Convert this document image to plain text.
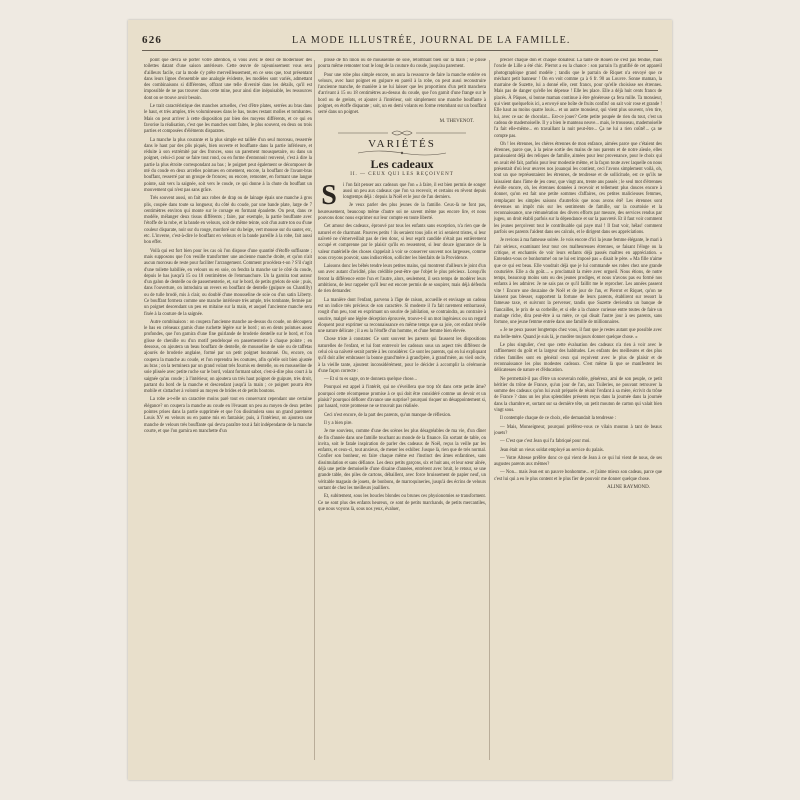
626	LA MODE ILLUSTRÉE, JOURNAL DE LA FAMILLE.

point que devra se porter votre attention, si vous avez le désir de moderniser des toilettes datant d'une saison antérieure. Cette œuvre de rajeunissement vous sera d'ailleurs facile, car la mode s'y prête merveilleusement, en ce sens que, tout présentant dans leurs lignes d'ensemble une analogie évidente, les modèles sont variés, admettant des combinaisons si différentes, offrant une telle diversité dans les détails, qu'il est impossible de ne pas trouver dans cette mine, pour ainsi dire inépuisable, les ressources dont on se trouve avoir besoin.

Le trait caractéristique des manches actuelles, c'est d'être plates, serrées au bras dans le haut, et très amples, très volumineuses dans le bas, toutes restant molles et tombantes. Mais on peut arriver à cette disposition par bien des moyens différents, et ce qui en favorise la réalisation, c'est que les manches sont faites, le plus souvent, en deux ou trois parties et composées d'éléments disparates.

La manche la plus courante et la plus simple est taillée d'un seul morceau, resserrée dans le haut par des plis piqués, bien ouverte et bouffante dans la partie inférieure, et réduite à son extrémité par des fronces, sous un parement mousquetaire, ou dans un poignet, celui-ci pour se faire tout rond, ou en forme d'entonnoir renversé, c'est à dire la partie la plus étroite correspondant au bas ; le poignet peut également se décomposer de nté du coude en deux arcelles pointues en ornement, encore, la bouffant de l'avant-bras bouffant, resserré par un groupe de fronces; ou encore, remonter, en formant une langue pointe, sait vers la saignée, soit vers le coude, ce qui donne à la chute du bouffant un mouvement qui n'est pas sans grâce.

Très souvent aussi, on fait aux robes de drap ou de lainage épais une manche à gros plis, coupée dans toute sa longueur, du côté du coude, par une bande plate, large de 7 centimètres environ qui monte sur le corsage en formant épaulette. On peut, dans ce modèle, mélanger deux tissus différents ; faire, par exemple, la partie bouffante avec l'étoffe de la robe, et la bande en velours, soit de même teinte, soit d'un autre ton ou d'une couleur disparate, noir sur du rouge, mordoré sur du beige, vert mousse sur du sauter, etc, etc. L'inverse, c'est-à-dire le bouffant en velours et la bande pareille à la robe, fait aussi bon effet.

Voilà qui est fort bien pour les cas où l'on dispose d'une quantité d'étoffe suffisante ; mais supposons que l'on veuille transformer une ancienne manche droite, et qu'on n'ait aucun morceau de reste pour faciliter l'arrangement. Comment procédera-t-on ? S'il s'agit d'une toilette habillée, en velours ou en soie, on fendra la manche sur le côté du coude, depuis le bas jusqu'à 15 ou 18 centimètres de l'emmanchure. Un la garnira tout autour d'un galon de dentelle ou de passementerie, et, sur le bord, de petits grelots de soie ; puis, dans l'ouverture, on introduira un revers en bouffant de dentelle (guipure ou Chantilly) ou de tulle brodé, mis à clair, ou doublé d'une mousseline de soie ou d'un satin Liberty. Ce bouffant formera comme une manche intérieure très ample, très tombante, fermée par un poignet descendant un peu en mitaine sur la main, et auquel l'ancienne manche sera fixée à la couture de la saignée.

Autre combinaison : on coupera l'ancienne manche au-dessus du coude, on découpera le bas en créneaux garnis d'une ruchette légère sur le bord ; on en dents pointues assez profondes, que l'on garnira d'une fine guirlande de broderie dentelle sur le bord, et l'on glisse de chenille ou d'un motif pendeloqué en passementerie à chaque pointe ; en dessous, on ajoutera un beau bouffant de dentelle, de mousseline de soie ou de taffetas ajourés de broderie anglaise, formé par un petit poignet boutonné. Ou, encore, on coupera la manche au coude, et l'on reprendra les coutures, afin qu'elle soit bien ajustée au bras ; on la terminera par un grand volant très fournis en dentelle, ou en mousseline de soie plissée avec petite ruche sur le bord, volant formant sabot, c'est-à-dire plus court à la saignée qu'au coude ; à l'intérieur, on ajoutera un très haut poignet de guipure, très droit, partant du bord de la manche et descendant jusqu'à la main ; ce poignet pourra être mobile et s'attacher à volonté au moyen de brides et de petits boutons.

La robe a-t-elle un caractère moins paré tout en conservant cependant une certaine élégance? on coupera la manche au coude en l'évasant un peu au moyen de deux petites pointes prises dans la partie supprimée et que l'on dissimulera sous un grand parement Louis XV en velours ou en panne mis en fantaisie; puis, à l'intérieur, on ajoutera une manche de velours très bouffante qui devra paraître tout à fait indépendante de la manche courte, et que l'on garnira en manchette d'un

plissé de fin linon ou de mousseline de soie, retombant bien sur la main ; se plissé pourra même remonter tout le long de la couture du coude, jusqu'au parement.

Pour une robe plus simple encore, on aura la ressource de faire la manche entière en velours, avec haut poignet en guipure en pareil à la robe, on peut aussi reconstruire l'ancienne manche, de manière à ne lui laisser que les proportions d'un petit manchera d'arrivant à 15 ou 18 centimètres au-dessus du coude, que l'on garnit d'une frange sur le bord ou de grelots, et ajouter à l'intérieur, soit simplement une manche bouffante à poignet, en étoffe disparate ; soit, un en demi volants en forme retombant sur un bouffant serré dans un poignet.

M. THEVENOT.
VARIÉTÉS
Les cadeaux
II. — CEUX QUI LES REÇOIVENT
S	i l'on fait penser aux cadeaux que l'on « à faire, il est bien permis de songer aussi un peu aux cadeaux que l'on va recevoir, et certains en rêvent depuis longtemps déjà : depuis la Noël et le jour de l'an derniers.

Je veux parler des plus jeunes de la famille. Ceux-là ne font pas, heureusement, beaucoup même d'autre soi ne savent même pas encore lire, et nous pouvons donc nous exprimer sur leur compte en toute liberté.

Cet amour des cadeaux, éprouvé par tous les enfants sans exception, n'a rien que de naturel et de charmant. Pauvres petits ! ils seraient tous jolis et ici seraient tristes, si leur naïveté ne s'émerveillait pas de rien donc, si leur esprit candide n'était pas entièrement occupé et comprenne par le plaisir qu'ils en ressentent, si leur douce ignorance de la valeur matérielle des choses s'appelait à voir se conserver souvent nos largesses, comme nous croyons pouvoir, sans indiscrétion, solliciter les bienfaits de la Providence.

Laissons donc les bébés tendre leurs petites mains, qui montrent d'ailleurs le joint d'un son avec autant d'avidité, plus crédible peut-être que l'objet le plus précieux. Lorsqu'ils feront la différence entre l'un et l'autre, alors, seulement, il sera temps de modérer leurs ambitions, de leur rappeler qu'il leur est encore permis de se soupirer, mais déjà défendu de rien demander.

La manière dont l'enfant, parvenu à l'âge de raison, accueille et envisage un cadeau est un indice très précieux de son caractère. Si modeste il l'a fait rarement embarrassé, rougit d'un peu, tout en exprimant un sourire de jubilation, se contraindra, au contraire à sourire, malgré une légère déception éprouvée, trouve-t-il un mot ingénieux ou un regard éloquent pour exprimer sa reconnaissance en même temps que sa joie, cet enfant révèle une nature délicate ; il a eu la l'étoffe d'un homme, et d'une femme bien élevée.

Chose triste à constater. Ce sont souvent les parents qui faussent les dispositions naturelles de l'enfant, et lui font entrevoir les cadeaux sous un aspect très différent de celui où sa naïveté serait portée à les considérer. Ce sont les parents, qui en lui expliquant qu'il doit aller embrasser la bonne grand'mère à grand'père, à grand'mère, au vieil oncle, à la vieille tante, ajoutent inconsidérément, pour le décider à accomplir la cérémonie d'une façon correcte :

— Et si tu es sage, on te donnera quelque chose...

Pourquoi est appel à l'intérêt, qui ne s'éveillera que trop tôt dans cette petite âme? pourquoi cette récompense promise à ce qui doit être considéré comme un devoir et un plaisir? pourquoi déflorer d'avance une surprise? pourquoi risquer un désappointement si, par hasard, votre promesse ne se trouvait pas réalisée.

Ceci n'est encore, de la part des parents, qu'un manque de réflexion.

Il y a bien pire.

Je me souviens, comme d'une des scènes les plus désagréables de ma vie, d'un dîner de fin d'année dans une famille touchant au monde de la finance. En sortant de table, on invita, soit le fatale inspiration de parler des cadeaux de Noël, reçus la veille par les enfants, et ceux-ci, tout anxieux, de mener les exhiber. Jusque là, rien que de très normal. Confier son bonheur, en faire chaque même est l'instinct des âmes enfantines, sans dissimulation et sans défiance. Les deux petits garçons, six et huit ans, et leur sœur aînée, déjà une petite demoiselle d'une dixaine d'années, entrèrent avec bruit, le retour, se une grande table, des piles de cartons, débaillent, avec force bruissement de papier neuf, un véritable magasin de jouets, de bonbons, de marroquineries, jusqu'à des écrins de velours sortant de chez les meilleurs joailliers.

Et, subitement, sous les boucles blondes ou brunes ces physionomies se transforment. Ce ne sont plus des enfants heureux, ce sont de petits marchands, de petits mercantiles, que nous voyons là, sous nos yeux, évaluer,

précier chaque don et chaque donateur. La tante de Rouen ne s'est pas fendue, mais l'oncle de Lille a été chic. Pierrot a eu la chance : son parrain l'a gratifié de cet appareil photographique grand modèle ; tandis que le parrain de Riquet n'a envoyé que ce méchant petit banneur ! On en voit comme ça à 6 fr. 90 au Louvre. Sonne maman, la marraine de Suzette, lui a donné elle, cent francs, pour qu'elle choisisse ses étrennes. Mais pas de danger qu'elle les dépense ! Elle les place. Elle a déjà huit cents francs de placés. À Pâques, si bonne maman continue à être généreuse ça fera mille. Ta monsieur, qui vient quelquefois ici, a envoyé une boîte de fruits confits! on sait voir rose et grande ! Elle haut au moins quatre louis... et un autre monsieur, qui vient plus souvent, n'en tire, lui, avec ce sac de chocolat... Est-ce jouer? Cette petite poupée de rien du tout, c'est un cadeau de mademoiselle. Il y a bien le manteau neuve... mais, le trousseau, mademoiselle l'a fait elle-même... en travaillant la nuit peut-être... Ça ne lui a rien coûté!... ça ne compte pas.

Oh ! les étrennes, les chères étrennes de mon enfance, aimées parce que c'étaient des étrennes, parce que, à la peine sortie des mains de nos parents et de notre aïeule, elles paraissaient déjà des reliques de famille, aimées pour leur provenance, pour le choix qui en avait été fait, parfois pour leur modestie même, et la façon toute avec laquelle on nous présentait d'où leur œuvres nos jouanqui les contient, ceci l'avons simplement voilà, oh, tout un que représentaient les étrennes, de tendresse et de sollicitude, est ce qu'ils ne laissaient dans l'âme de jeu cœur, que vingt ans, trente ans passés ; le seul mot d'étrennes éveille encore, oh, les étrennes données à recevoir et tellement plus douces encore à donner, qu'on est fait une petite sommes d'affaires, ces petites malicieuses femmes, remplaçant les simples saisons d'autrefois que nous avons été! Les étrennes sont devenues un impôt mis sur les sentiments de famille, sur la courtoisie et la reconnaissance, une rémunération des divers efforts par mesure, des services rendus par jugeu, un droit établi parfois sur la dépendance et sur la pauvreté. Et il faut voir comment les jeunes perçoivent tout le contribuable qui paye mal ! Il faut voir, hélas! comment parfois ses parents l'aident dans ses calculs, et le dirigent dans ses appréciations.

Je revions à ma fameuse soirée. Je vois encore d'ici la jeune femme élégante, le mari à l'air sérieux, examinant leur tour ces malheureuses étrennes, se faisant l'éloge ou la critique, et enchantés de voir leurs enfants déjà passés maîtres en appréciation. « Entendez-vous ce bonhomme! on ne lui est imposé pas « disait le père. « Ma fille n'aime que ce qui est beau. Elle voudrait déjà que je lui commande ses robes chez une grande couturière. Elle a du goût.... » proclamait la mère avec orgueil. Nous étions, de notre temps, beaucoup moins sots ou des jeunes prodiges, et nous n'avons pas eu formé nos enfants à les admirer. Je ne sais pas ce qu'il faillit me le reprocher. Les années passent vite ! Encore une douzaine de Noël et de jour de l'an, et Pierrot et Riquet, qu'on ne laissent pas blesser, supportent la fortune de leurs parents, établirent sur ressort la fameuse taxe, et suivront la perverser, tandis que Suzette deviendra un banque de fiancailles, le prix de sa corbeille, et si elle a la chance curieuse entre toutes de faire un mariage riche, dira peut-être à sa mère, ce qui disait l'autre jour à ses parents, sans fortune, une jeune femme entrée dans une famille de millionnaires.

« Je ne peux passer longtemps chez vous, il faut que je restes autant que possible avec ma belle-mère. Quand je suis là, je modère toujours donner quelque chose. »

Le plus singulier, c'est que cette évaluation des cadeaux n'a rien à voir avec le raffinement du goût et la largeur des habitudes. Les enfants des meilleures et des plus riches familles sont en général ceux qui reçoivent avec le plus de plaisir et de reconnaissance les plus modestes cadeaux. C'est même là que se manifestent les délicatesses de nature et d'éducation.

Ne permettait-il pas d'être un souverain noble, généreux, ami de son peuple, ce petit héritier du trône de France, qu'un jour de l'an, aux Tuileries, ne pouvant retrouver la somme des cadeaux qu'on lui avait préparés de réunir l'enfant à sa mère, écrivit du trône de France ? dans un les plus splendides présents reçus dans la journée dans la journée dans la chambre et, sortant sur sa dernière tête, un petit mouton de carton qui valait bien vingt sous.

Il contemple chaque de ce choix, elle demandait la tendresse :

— Mais, Monseigneur, pourquoi préférez-vous ce vilain mouton à tant de beaux jouets?

— C'est que c'est Jean qui l'a fabriqué pour moi.

Jean était un vieux soldat employé au service du palais.

— Votre Altesse préfère donc ce qui vient de Jean à ce qui lui vient de nous, de ses augustes parents aux mêmes?

— Non... mais Jean est un pauvre bonhomme... et j'aime mieux son cadeau, parce que c'est lui qui a eu le plus content et le plus fier de pouvoir me donner quelque chose.

ALINE RAYMOND.
